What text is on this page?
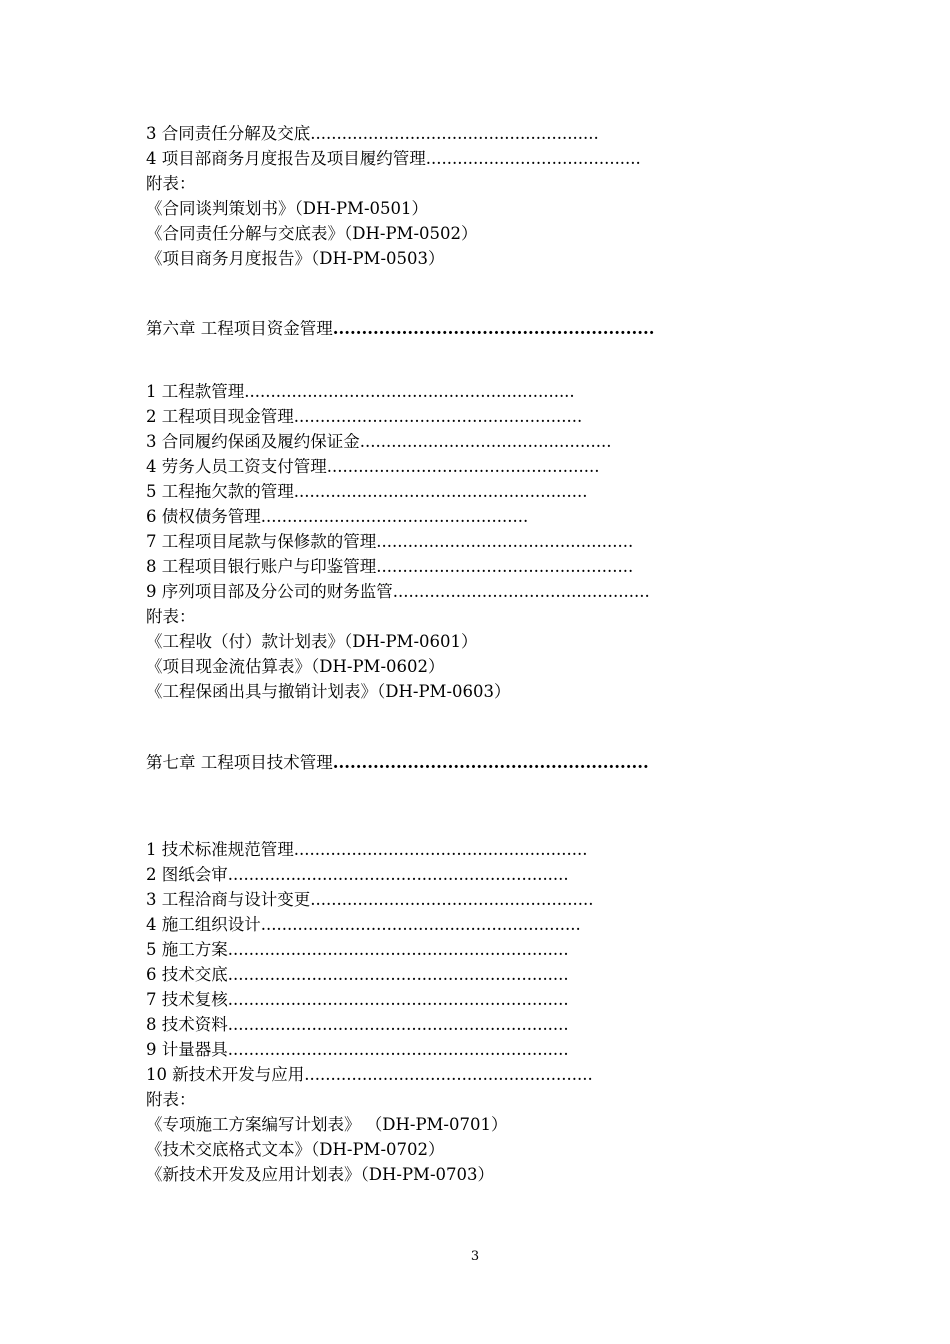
3 合同责任分解及交底.......................................................
4 项目部商务月度报告及项目履约管理.........................................
附表：
《合同谈判策划书》（DH-PM-0501）
《合同责任分解与交底表》（DH-PM-0502）
《项目商务月度报告》（DH-PM-0503）
第六章 工程项目资金管理........................................................
1 工程款管理...............................................................
2 工程项目现金管理.......................................................
3 合同履约保函及履约保证金................................................
4 劳务人员工资支付管理....................................................
5 工程拖欠款的管理........................................................
6 债权债务管理...................................................
7 工程项目尾款与保修款的管理.................................................
8 工程项目银行账户与印鉴管理.................................................
9 序列项目部及分公司的财务监管.................................................
附表：
《工程收（付）款计划表》（DH-PM-0601）
《项目现金流估算表》（DH-PM-0602）
《工程保函出具与撤销计划表》（DH-PM-0603）
第七章 工程项目技术管理.......................................................
1 技术标准规范管理........................................................
2 图纸会审.................................................................
3 工程洽商与设计变更......................................................
4 施工组织设计.............................................................
5 施工方案.................................................................
6 技术交底.................................................................
7 技术复核.................................................................
8 技术资料.................................................................
9 计量器具.................................................................
10 新技术开发与应用.......................................................
附表：
《专项施工方案编写计划表》 （DH-PM-0701）
《技术交底格式文本》（DH-PM-0702）
《新技术开发及应用计划表》（DH-PM-0703）
3
